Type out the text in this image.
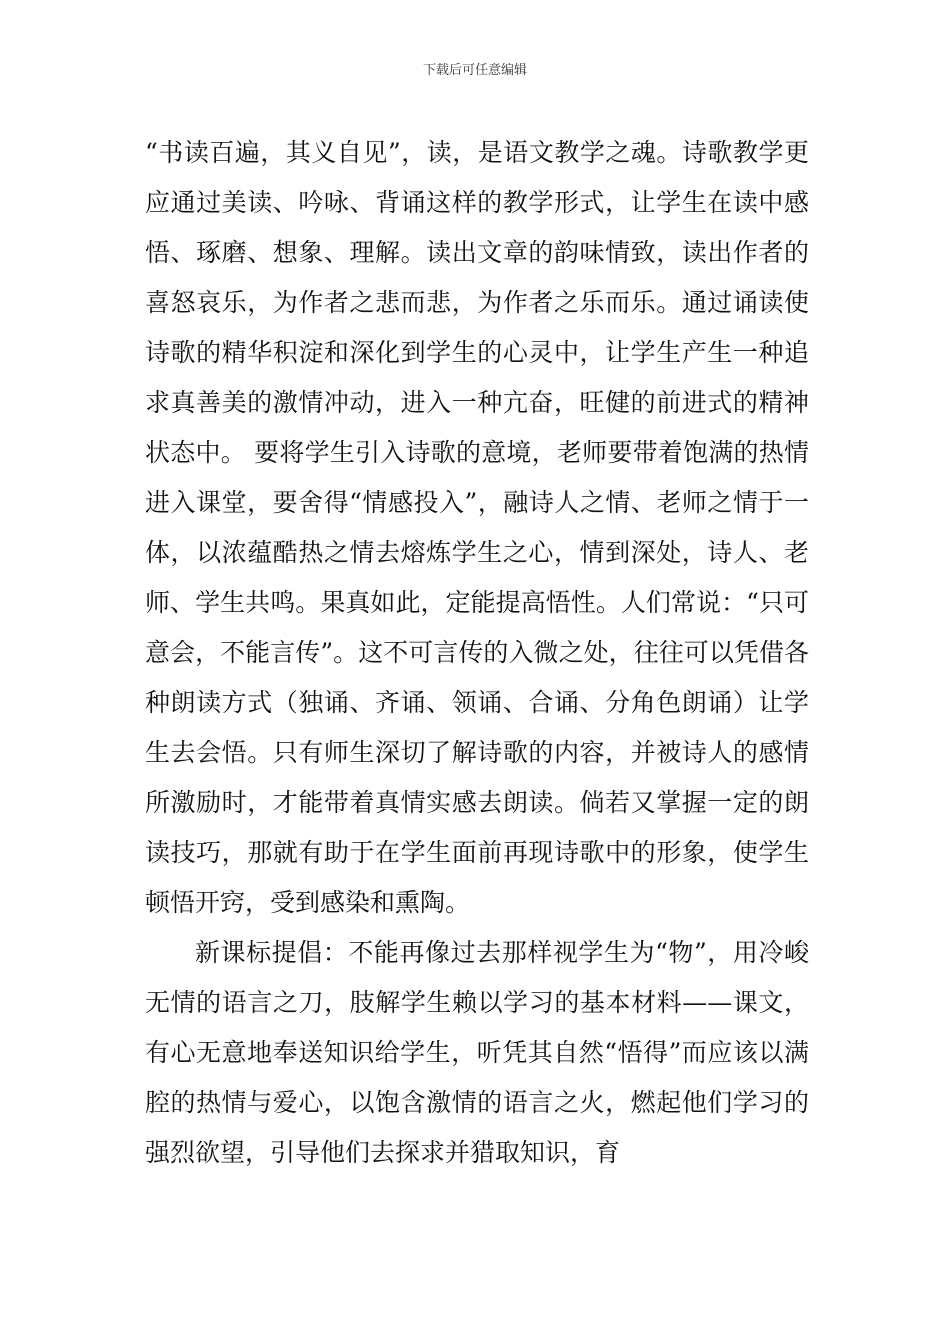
下载后可任意编辑

“书读百遍，其义自见”，读，是语文教学之魂。诗歌教学更应通过美读、吟咏、背诵这样的教学形式，让学生在读中感悟、琢磨、想象、理解。读出文章的韵味情致，读出作者的喜怒哀乐，为作者之悲而悲，为作者之乐而乐。通过诵读使诗歌的精华积淀和深化到学生的心灵中，让学生产生一种追求真善美的激情冲动，进入一种亢奋，旺健的前进式的精神状态中。 要将学生引入诗歌的意境，老师要带着饱满的热情进入课堂，要舍得“情感投入”，融诗人之情、老师之情于一体，以浓蕴酷热之情去熔炼学生之心，情到深处，诗人、老师、学生共鸣。果真如此，定能提高悟性。人们常说：“只可意会，不能言传”。这不可言传的入微之处，往往可以凭借各种朗读方式（独诵、齐诵、领诵、合诵、分角色朗诵）让学生去会悟。只有师生深切了解诗歌的内容，并被诗人的感情所激励时，才能带着真情实感去朗读。倘若又掌握一定的朗读技巧，那就有助于在学生面前再现诗歌中的形象，使学生顿悟开窍，受到感染和熏陶。

新课标提倡：不能再像过去那样视学生为“物”，用冷峻无情的语言之刀，肢解学生赖以学习的基本材料——课文，有心无意地奉送知识给学生，听凭其自然“悟得”而应该以满腔的热情与爱心，以饱含激情的语言之火，燃起他们学习的强烈欲望，引导他们去探求并猎取知识，育
